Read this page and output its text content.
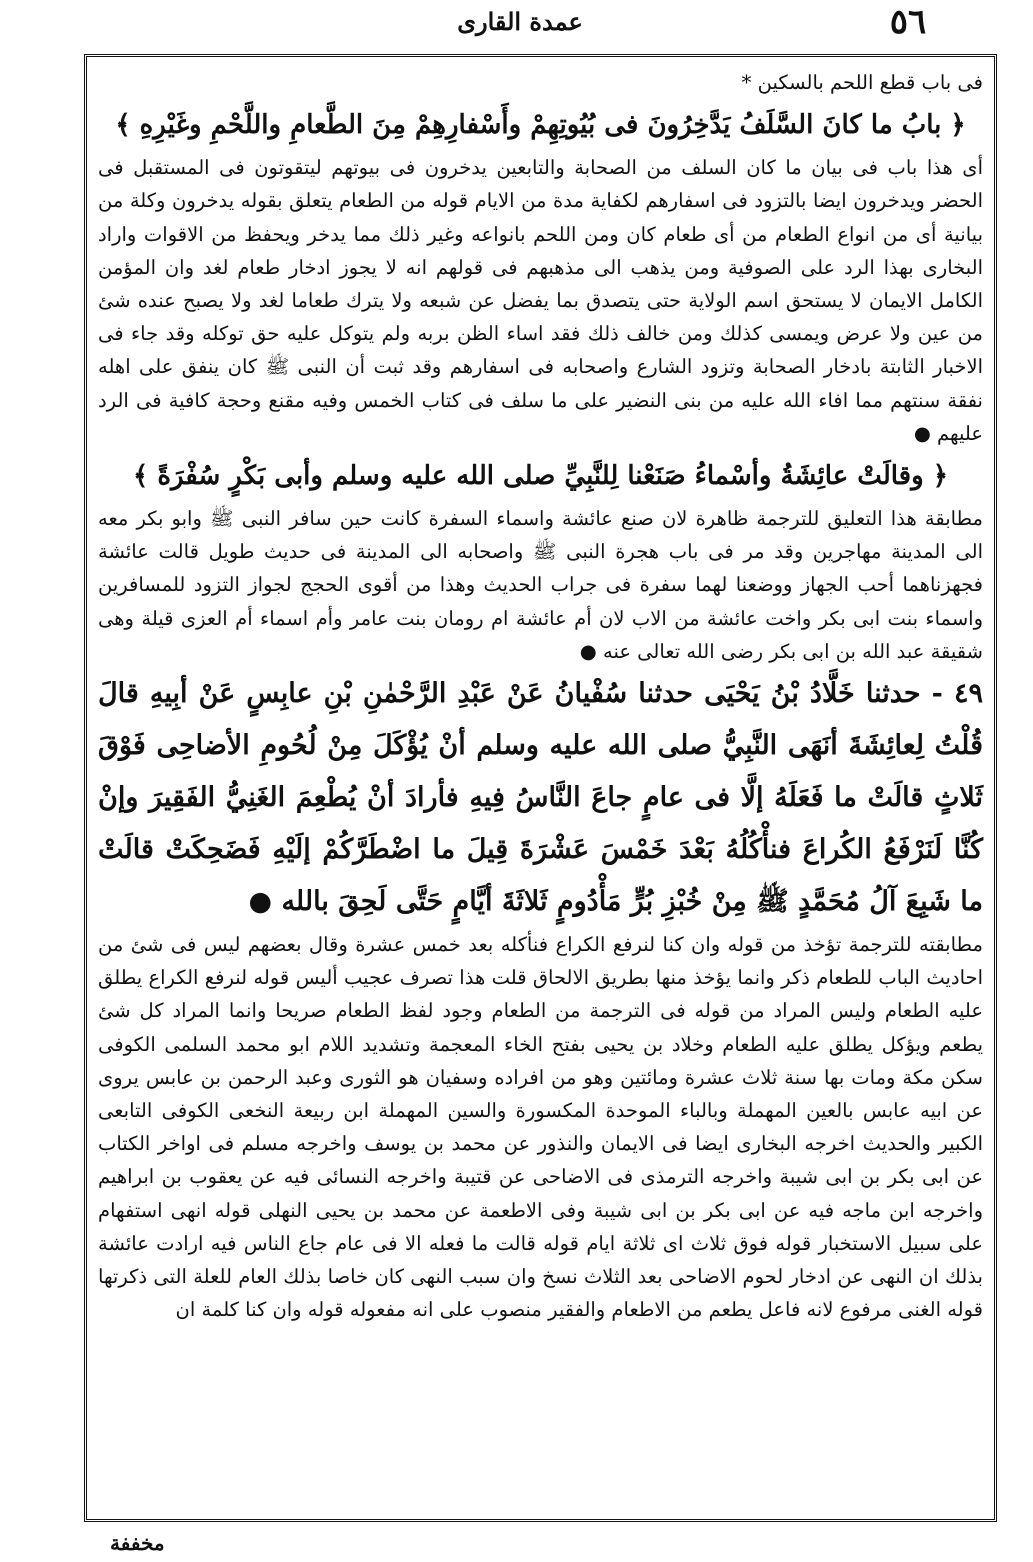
٥٦
عمدة القاری

فى باب قطع اللحم بالسكين *

﴿ بابُ ما كانَ السَّلَفُ يَدَّخِرُونَ فى بُيُوتِهِمْ وأَسْفارِهِمْ مِنَ الطَّعامِ واللَّحْمِ وغَيْرِهِ ﴾

أى هذا باب فى بيان ما كان السلف من الصحابة والتابعين يدخرون فى بيوتهم ليتقوتون فى المستقبل فى الحضر ويدخرون ايضا بالتزود فى اسفارهم لكفاية مدة من الايام قوله من الطعام يتعلق بقوله يدخرون وكلة من بيانية أى من انواع الطعام من أى طعام كان ومن اللحم بانواعه وغير ذلك مما يدخر ويحفظ من الاقوات واراد البخارى بهذا الرد على الصوفية ومن يذهب الى مذهبهم فى قولهم انه لا يجوز ادخار طعام لغد وان المؤمن الكامل الايمان لا يستحق اسم الولاية حتى يتصدق بما يفضل عن شبعه ولا يترك طعاما لغد ولا يصبح عنده شئ من عين ولا عرض ويمسى كذلك ومن خالف ذلك فقد اساء الظن بربه ولم يتوكل عليه حق توكله وقد جاء فى الاخبار الثابتة بادخار الصحابة وتزود الشارع واصحابه فى اسفارهم وقد ثبت أن النبى ﷺ كان ينفق على اهله نفقة سنتهم مما افاء الله عليه من بنى النضير على ما سلف فى كتاب الخمس وفيه مقنع وحجة كافية فى الرد عليهم ●

﴿ وقالَتْ عائِشَةُ وأسْماءُ صَنَعْنا لِلنَّبِيِّ صلى الله عليه وسلم وأبى بَكْرٍ سُفْرَةً ﴾

مطابقة هذا التعليق للترجمة ظاهرة لان صنع عائشة واسماء السفرة كانت حين سافر النبى ﷺ وابو بكر معه الى المدينة مهاجرين وقد مر فى باب هجرة النبى ﷺ واصحابه الى المدينة فى حديث طويل قالت عائشة فجهزناهما أحب الجهاز ووضعنا لهما سفرة فى جراب الحديث وهذا من أقوى الحجج لجواز التزود للمسافرين واسماء بنت ابى بكر واخت عائشة من الاب لان أم عائشة ام رومان بنت عامر وأم اسماء أم العزى قيلة وهى شقيقة عبد الله بن ابى بكر رضى الله تعالى عنه ●

٤٩ - حدثنا خَلَّادُ بْنُ يَحْيَى حدثنا سُفْيانُ عَنْ عَبْدِ الرَّحْمٰنِ بْنِ عابِسٍ عَنْ أبِيهِ قالَ قُلْتُ لِعائِشَةَ أنَهَى النَّبِيُّ صلى الله عليه وسلم أنْ يُؤْكَلَ مِنْ لُحُومِ الأضاحِى فَوْقَ ثَلاثٍ قالَتْ ما فَعَلَهُ إلَّا فى عامٍ جاعَ النَّاسُ فِيهِ فأرادَ أنْ يُطْعِمَ الغَنِيُّ الفَقِيرَ وإنْ كُنَّا لَنَرْفَعُ الكُراعَ فنأْكُلُهُ بَعْدَ خَمْسَ عَشْرَةَ قِيلَ ما اضْطَرَّكُمْ إلَيْهِ فَضَحِكَتْ قالَتْ ما شَبِعَ آلُ مُحَمَّدٍ ﷺ مِنْ خُبْزِ بُرٍّ مَأْدُومٍ ثَلاثَةَ أيَّامٍ حَتَّى لَحِقَ بالله ●

مطابقته للترجمة تؤخذ من قوله وان كنا لنرفع الكراع فنأكله بعد خمس عشرة وقال بعضهم ليس فى شئ من احاديث الباب للطعام ذكر وانما يؤخذ منها بطريق الالحاق قلت هذا تصرف عجيب أليس قوله لنرفع الكراع يطلق عليه الطعام وليس المراد من قوله فى الترجمة من الطعام وجود لفظ الطعام صريحا وانما المراد كل شئ يطعم ويؤكل يطلق عليه الطعام وخلاد بن يحيى بفتح الخاء المعجمة وتشديد اللام ابو محمد السلمى الكوفى سكن مكة ومات بها سنة ثلاث عشرة ومائتين وهو من افراده وسفيان هو الثورى وعبد الرحمن بن عابس يروى عن ابيه عابس بالعين المهملة وبالباء الموحدة المكسورة والسين المهملة ابن ربيعة النخعى الكوفى التابعى الكبير والحديث اخرجه البخارى ايضا فى الايمان والنذور عن محمد بن يوسف واخرجه مسلم فى اواخر الكتاب عن ابى بكر بن ابى شيبة واخرجه الترمذى فى الاضاحى عن قتيبة واخرجه النسائى فيه عن يعقوب بن ابراهيم واخرجه ابن ماجه فيه عن ابى بكر بن ابى شيبة وفى الاطعمة عن محمد بن يحيى النهلى قوله انهى استفهام على سبيل الاستخبار قوله فوق ثلاث اى ثلاثة ايام قوله قالت ما فعله الا فى عام جاع الناس فيه ارادت عائشة بذلك ان النهى عن ادخار لحوم الاضاحى بعد الثلاث نسخ وان سبب النهى كان خاصا بذلك العام للعلة التى ذكرتها قوله الغنى مرفوع لانه فاعل يطعم من الاطعام والفقير منصوب على انه مفعوله قوله وان كنا كلمة ان

مخففة
